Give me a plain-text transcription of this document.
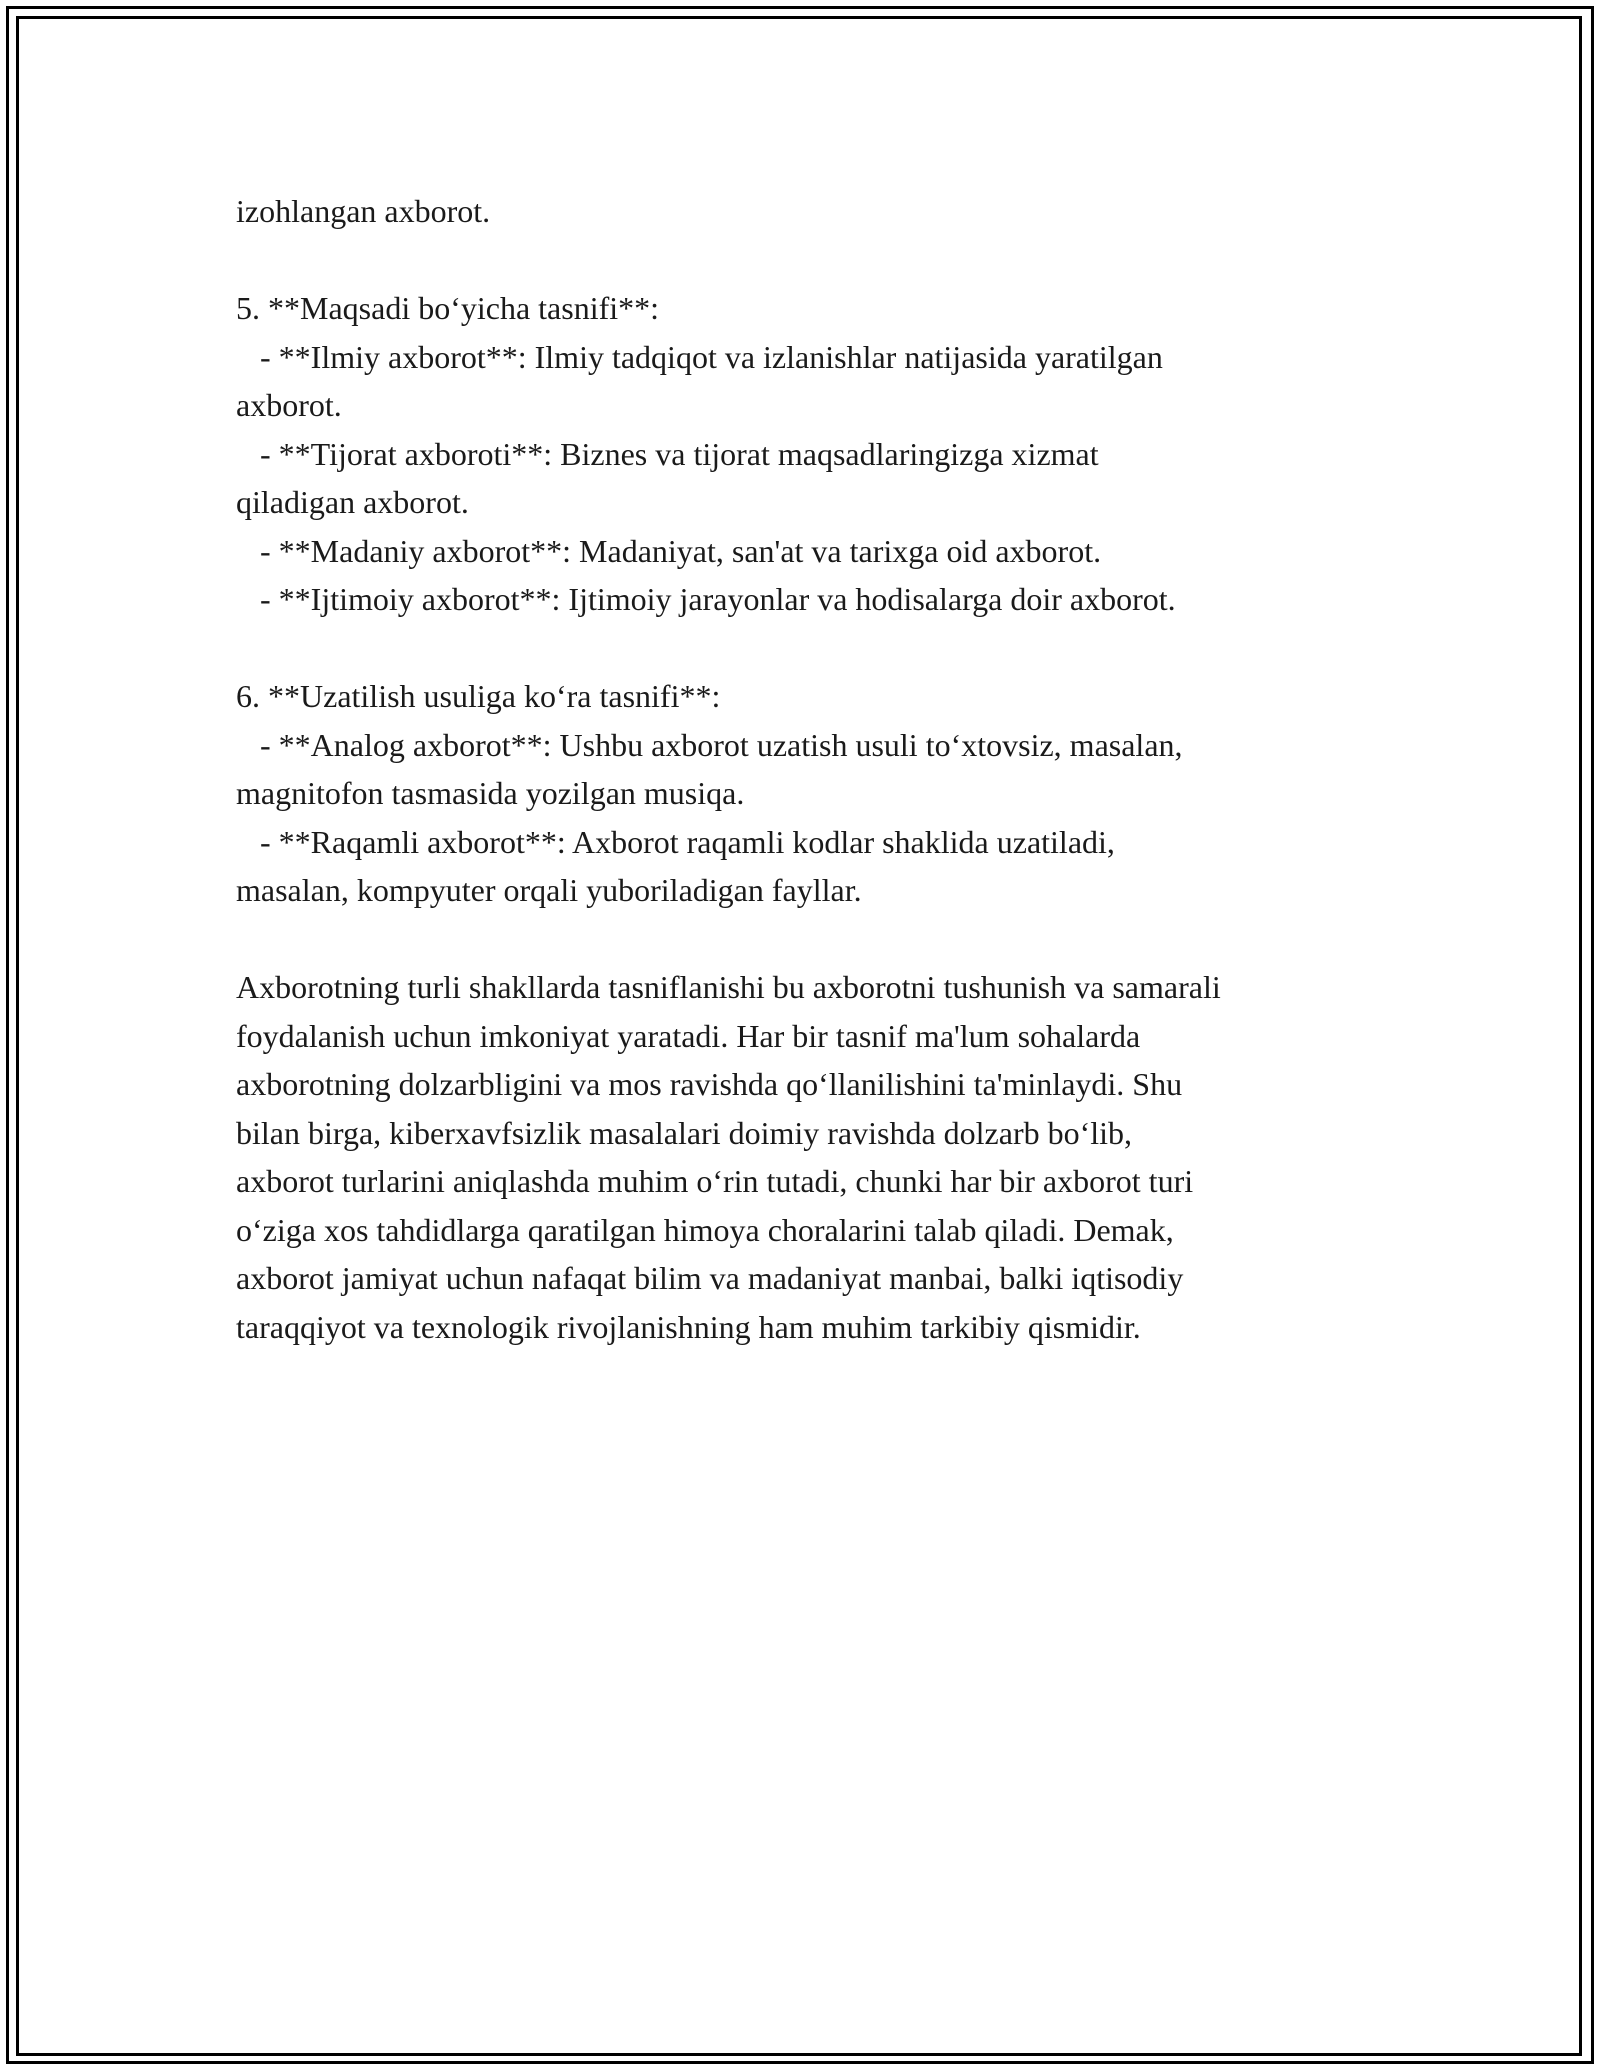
izohlangan axborot.

5. **Maqsadi bo‘yicha tasnifi**:

- **Ilmiy axborot**: Ilmiy tadqiqot va izlanishlar natijasida yaratilgan

axborot.

- **Tijorat axboroti**: Biznes va tijorat maqsadlaringizga xizmat

qiladigan axborot.

- **Madaniy axborot**: Madaniyat, san'at va tarixga oid axborot.

- **Ijtimoiy axborot**: Ijtimoiy jarayonlar va hodisalarga doir axborot.

6. **Uzatilish usuliga ko‘ra tasnifi**:

- **Analog axborot**: Ushbu axborot uzatish usuli to‘xtovsiz, masalan,

magnitofon tasmasida yozilgan musiqa.

- **Raqamli axborot**: Axborot raqamli kodlar shaklida uzatiladi,

masalan, kompyuter orqali yuboriladigan fayllar.

Axborotning turli shakllarda tasniflanishi bu axborotni tushunish va samarali

foydalanish uchun imkoniyat yaratadi. Har bir tasnif ma'lum sohalarda

axborotning dolzarbligini va mos ravishda qo‘llanilishini ta'minlaydi. Shu

bilan birga, kiberxavfsizlik masalalari doimiy ravishda dolzarb bo‘lib,

axborot turlarini aniqlashda muhim o‘rin tutadi, chunki har bir axborot turi

o‘ziga xos tahdidlarga qaratilgan himoya choralarini talab qiladi. Demak,

axborot jamiyat uchun nafaqat bilim va madaniyat manbai, balki iqtisodiy

taraqqiyot va texnologik rivojlanishning ham muhim tarkibiy qismidir.
